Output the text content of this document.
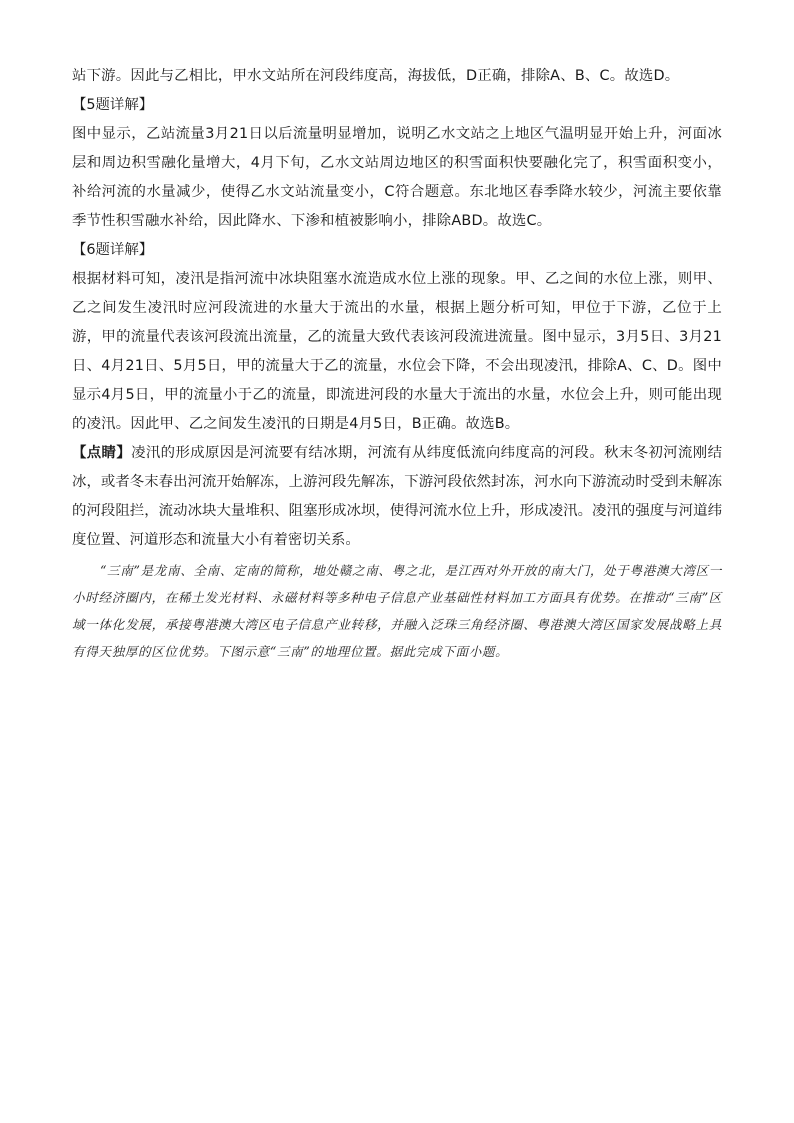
站下游。因此与乙相比，甲水文站所在河段纬度高，海拔低，D正确，排除A、B、C。故选D。

【5题详解】

图中显示，乙站流量3月21日以后流量明显增加，说明乙水文站之上地区气温明显开始上升，河面冰层和周边积雪融化量增大，4月下旬，乙水文站周边地区的积雪面积快要融化完了，积雪面积变小，补给河流的水量减少，使得乙水文站流量变小，C符合题意。东北地区春季降水较少，河流主要依靠季节性积雪融水补给，因此降水、下渗和植被影响小，排除ABD。故选C。

【6题详解】

根据材料可知，凌汛是指河流中冰块阻塞水流造成水位上涨的现象。甲、乙之间的水位上涨，则甲、乙之间发生凌汛时应河段流进的水量大于流出的水量，根据上题分析可知，甲位于下游，乙位于上游，甲的流量代表该河段流出流量，乙的流量大致代表该河段流进流量。图中显示，3月5日、3月21日、4月21日、5月5日，甲的流量大于乙的流量，水位会下降，不会出现凌汛，排除A、C、D。图中显示4月5日，甲的流量小于乙的流量，即流进河段的水量大于流出的水量，水位会上升，则可能出现的凌汛。因此甲、乙之间发生凌汛的日期是4月5日，B正确。故选B。

【点睛】凌汛的形成原因是河流要有结冰期，河流有从纬度低流向纬度高的河段。秋末冬初河流刚结冰，或者冬末春出河流开始解冻，上游河段先解冻，下游河段依然封冻，河水向下游流动时受到未解冻的河段阻拦，流动冰块大量堆积、阻塞形成冰坝，使得河流水位上升，形成凌汛。凌汛的强度与河道纬度位置、河道形态和流量大小有着密切关系。

“三南”是龙南、全南、定南的简称，地处赣之南、粤之北，是江西对外开放的南大门，处于粤港澳大湾区一小时经济圈内，在稀土发光材料、永磁材料等多种电子信息产业基础性材料加工方面具有优势。在推动“三南”区域一体化发展，承接粤港澳大湾区电子信息产业转移，并融入泛珠三角经济圈、粤港澳大湾区国家发展战略上具有得天独厚的区位优势。下图示意“三南”的地理位置。据此完成下面小题。
